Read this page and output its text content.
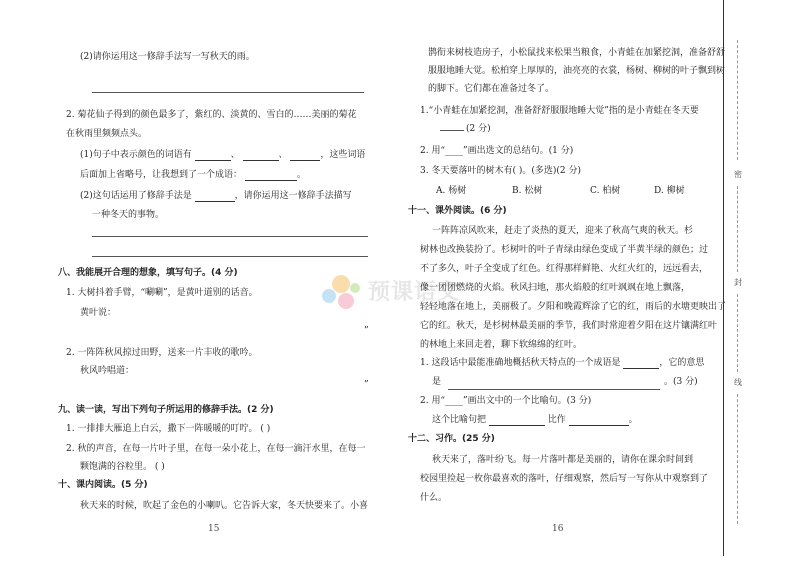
(2)请你运用这一修辞手法写一写秋天的雨。
2. 菊花仙子得到的颜色最多了，紫红的、淡黄的、雪白的……美丽的菊花
在秋雨里频频点头。
(1)句子中表示颜色的词语有	、	、	，这些词语
后面加上省略号，让我想到了一个成语：	。
(2)这句话运用了修辞手法是	，请你运用这一修辞手法描写
一种冬天的事物。
八、我能展开合理的想象，填写句子。(4 分)
1. 大树抖着手臂，“唰唰”，是黄叶道别的话音。
黄叶说：
”
2. 一阵阵秋风掠过田野，送来一片丰收的歌吟。
秋风吟唱道：
”
九、读一读，写出下列句子所运用的修辞手法。(2 分)
1. 一排排大雁追上白云，撒下一阵暖暖的叮咛。 ( )
2. 秋的声音，在每一片叶子里，在每一朵小花上，在每一滴汗水里，在每一
颗饱满的谷粒里。 ( )
十、课内阅读。(5 分)
秋天来的时候，吹起了金色的小喇叭。它告诉大家，冬天快要来了。小喜
15
预课语文
鹊衔来树枝造房子，小松鼠找来松果当粮食，小青蛙在加紧挖洞，准备舒舒
服服地睡大觉。松柏穿上厚厚的，油亮亮的衣裳，杨树、柳树的叶子飘到树
的脚下。它们都在准备过冬了。
1.“小青蛙在加紧挖洞，准备舒舒服服地睡大觉”指的是小青蛙在冬天要
(2 分)
2. 用“____”画出选文的总结句。(1 分)
3. 冬天要落叶的树木有( )。(多选)(2 分)
A. 杨树	B. 松树	C. 柏树	D. 柳树
十一、课外阅读。(6 分)
一阵阵凉风吹来，赶走了炎热的夏天，迎来了秋高气爽的秋天。杉
树林也改换装扮了。杉树叶的叶子青绿由绿色变成了半黄半绿的颜色；过
不了多久，叶子全变成了红色。红得那样鲜艳、火红火红的，远远看去，
像一团团燃烧的火焰。秋风扫地，那火焰般的红叶飒飒在地上飘落，
轻轻地落在地上，美丽极了。夕阳和晚霞辉涂了它的红，雨后的水塘更映出了
它的红。秋天，是杉树林最美丽的季节，我们时常迎着夕阳在这片镶满红叶
的林地上来回走着，聊下软绵绵的红叶。
1. 这段话中最能准确地概括秋天特点的一个成语是	，它的意思
是	。(3 分)
2. 用“____”画出文中的一个比喻句。(3 分)
这个比喻句把	比作	。
十二、习作。(25 分)
秋天来了，落叶纷飞。每一片落叶都是美丽的，请你在课余时间到
校园里捡起一枚你最喜欢的落叶，仔细观察，然后写一写你从中观察到了
什么。
16
密
封
线
